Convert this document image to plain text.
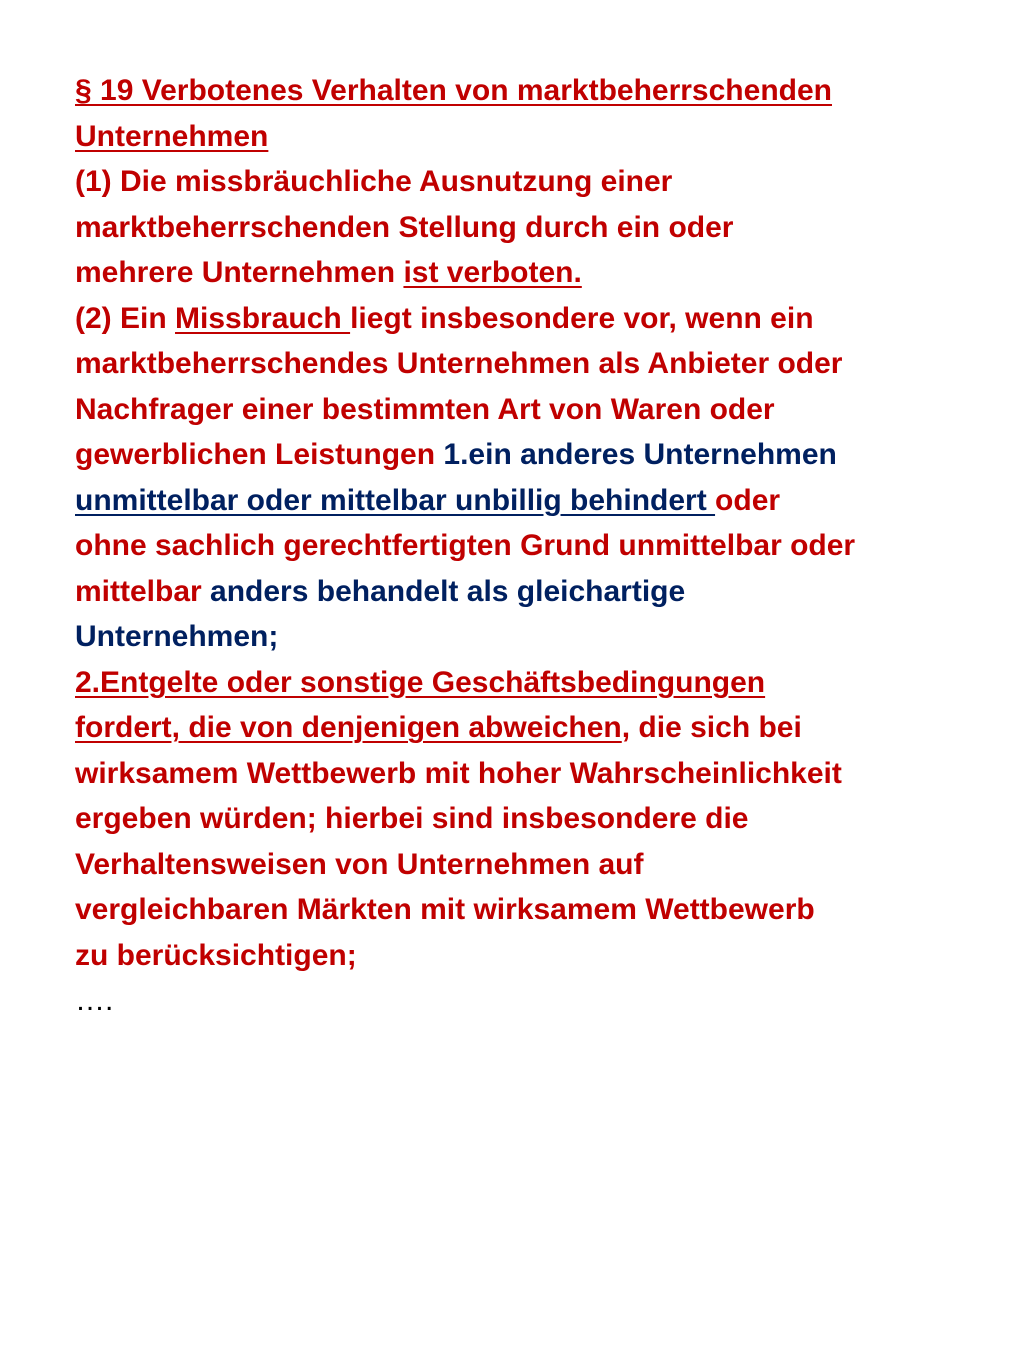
§ 19 Verbotenes Verhalten von marktbeherrschenden
Unternehmen
(1) Die missbräuchliche Ausnutzung einer
marktbeherrschenden Stellung durch ein oder
mehrere Unternehmen ist verboten.
(2) Ein Missbrauch liegt insbesondere vor, wenn ein
marktbeherrschendes Unternehmen als Anbieter oder
Nachfrager einer bestimmten Art von Waren oder
gewerblichen Leistungen 1.ein anderes Unternehmen
unmittelbar oder mittelbar unbillig behindert oder
ohne sachlich gerechtfertigten Grund unmittelbar oder
mittelbar anders behandelt als gleichartige
Unternehmen;
2.Entgelte oder sonstige Geschäftsbedingungen
fordert, die von denjenigen abweichen, die sich bei
wirksamem Wettbewerb mit hoher Wahrscheinlichkeit
ergeben würden; hierbei sind insbesondere die
Verhaltensweisen von Unternehmen auf
vergleichbaren Märkten mit wirksamem Wettbewerb
zu berücksichtigen;
….
